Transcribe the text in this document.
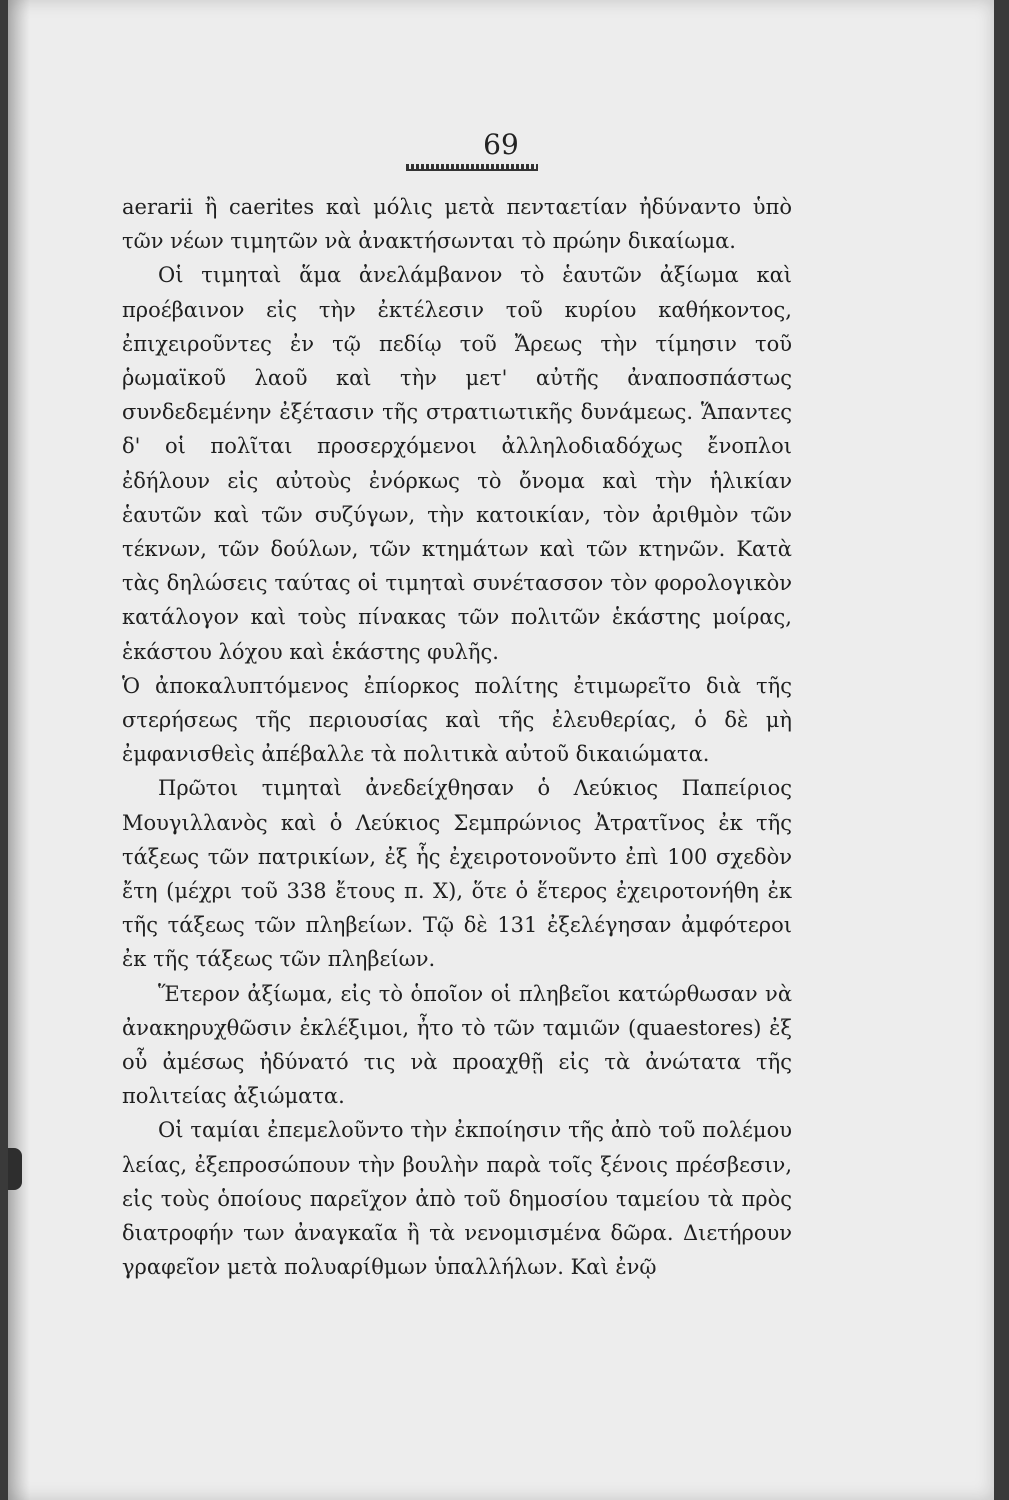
69

aerarii ἢ caerites καὶ μόλις μετὰ πενταετίαν ἠδύναντο ὑπὸ τῶν νέων τιμητῶν νὰ ἀνακτήσωνται τὸ πρώην δικαίωμα.

Οἱ τιμηταὶ ἅμα ἀνελάμβανον τὸ ἑαυτῶν ἀξίωμα καὶ προέβαινον εἰς τὴν ἐκτέλεσιν τοῦ κυρίου καθήκοντος, ἐπιχειροῦντες ἐν τῷ πεδίῳ τοῦ Ἄρεως τὴν τίμησιν τοῦ ῥωμαϊκοῦ λαοῦ καὶ τὴν μετ' αὐτῆς ἀναποσπάστως συνδεδεμένην ἐξέτασιν τῆς στρατιωτικῆς δυνάμεως. Ἅπαντες δ' οἱ πολῖται προσερχόμενοι ἀλληλοδιαδόχως ἔνοπλοι ἐδήλουν εἰς αὐτοὺς ἐνόρκως τὸ ὄνομα καὶ τὴν ἡλικίαν ἑαυτῶν καὶ τῶν συζύγων, τὴν κατοικίαν, τὸν ἀριθμὸν τῶν τέκνων, τῶν δούλων, τῶν κτημάτων καὶ τῶν κτηνῶν. Κατὰ τὰς δηλώσεις ταύτας οἱ τιμηταὶ συνέτασσον τὸν φορολογικὸν κατάλογον καὶ τοὺς πίνακας τῶν πολιτῶν ἑκάστης μοίρας, ἑκάστου λόχου καὶ ἑκάστης φυλῆς.

Ὁ ἀποκαλυπτόμενος ἐπίορκος πολίτης ἐτιμωρεῖτο διὰ τῆς στερήσεως τῆς περιουσίας καὶ τῆς ἐλευθερίας, ὁ δὲ μὴ ἐμφανισθεὶς ἀπέβαλλε τὰ πολιτικὰ αὐτοῦ δικαιώματα.

Πρῶτοι τιμηταὶ ἀνεδείχθησαν ὁ Λεύκιος Παπείριος Μουγιλλανὸς καὶ ὁ Λεύκιος Σεμπρώνιος Ἀτρατῖνος ἐκ τῆς τάξεως τῶν πατρικίων, ἐξ ἧς ἐχειροτονοῦντο ἐπὶ 100 σχεδὸν ἔτη (μέχρι τοῦ 338 ἔτους π. Χ), ὅτε ὁ ἕτερος ἐχειροτονήθη ἐκ τῆς τάξεως τῶν πληβείων. Τῷ δὲ 131 ἐξελέγησαν ἀμφότεροι ἐκ τῆς τάξεως τῶν πληβείων.

Ἕτερον ἀξίωμα, εἰς τὸ ὁποῖον οἱ πληβεῖοι κατώρθωσαν νὰ ἀνακηρυχθῶσιν ἐκλέξιμοι, ἦτο τὸ τῶν ταμιῶν (quaestores) ἐξ οὗ ἀμέσως ἠδύνατό τις νὰ προαχθῇ εἰς τὰ ἀνώτατα τῆς πολιτείας ἀξιώματα.

Οἱ ταμίαι ἐπεμελοῦντο τὴν ἐκποίησιν τῆς ἀπὸ τοῦ πολέμου λείας, ἐξεπροσώπουν τὴν βουλὴν παρὰ τοῖς ξένοις πρέσβεσιν, εἰς τοὺς ὁποίους παρεῖχον ἀπὸ τοῦ δημοσίου ταμείου τὰ πρὸς διατροφήν των ἀναγκαῖα ἢ τὰ νενομισμένα δῶρα. Διετήρουν γραφεῖον μετὰ πολυαρίθμων ὑπαλλήλων. Καὶ ἐνῷ
